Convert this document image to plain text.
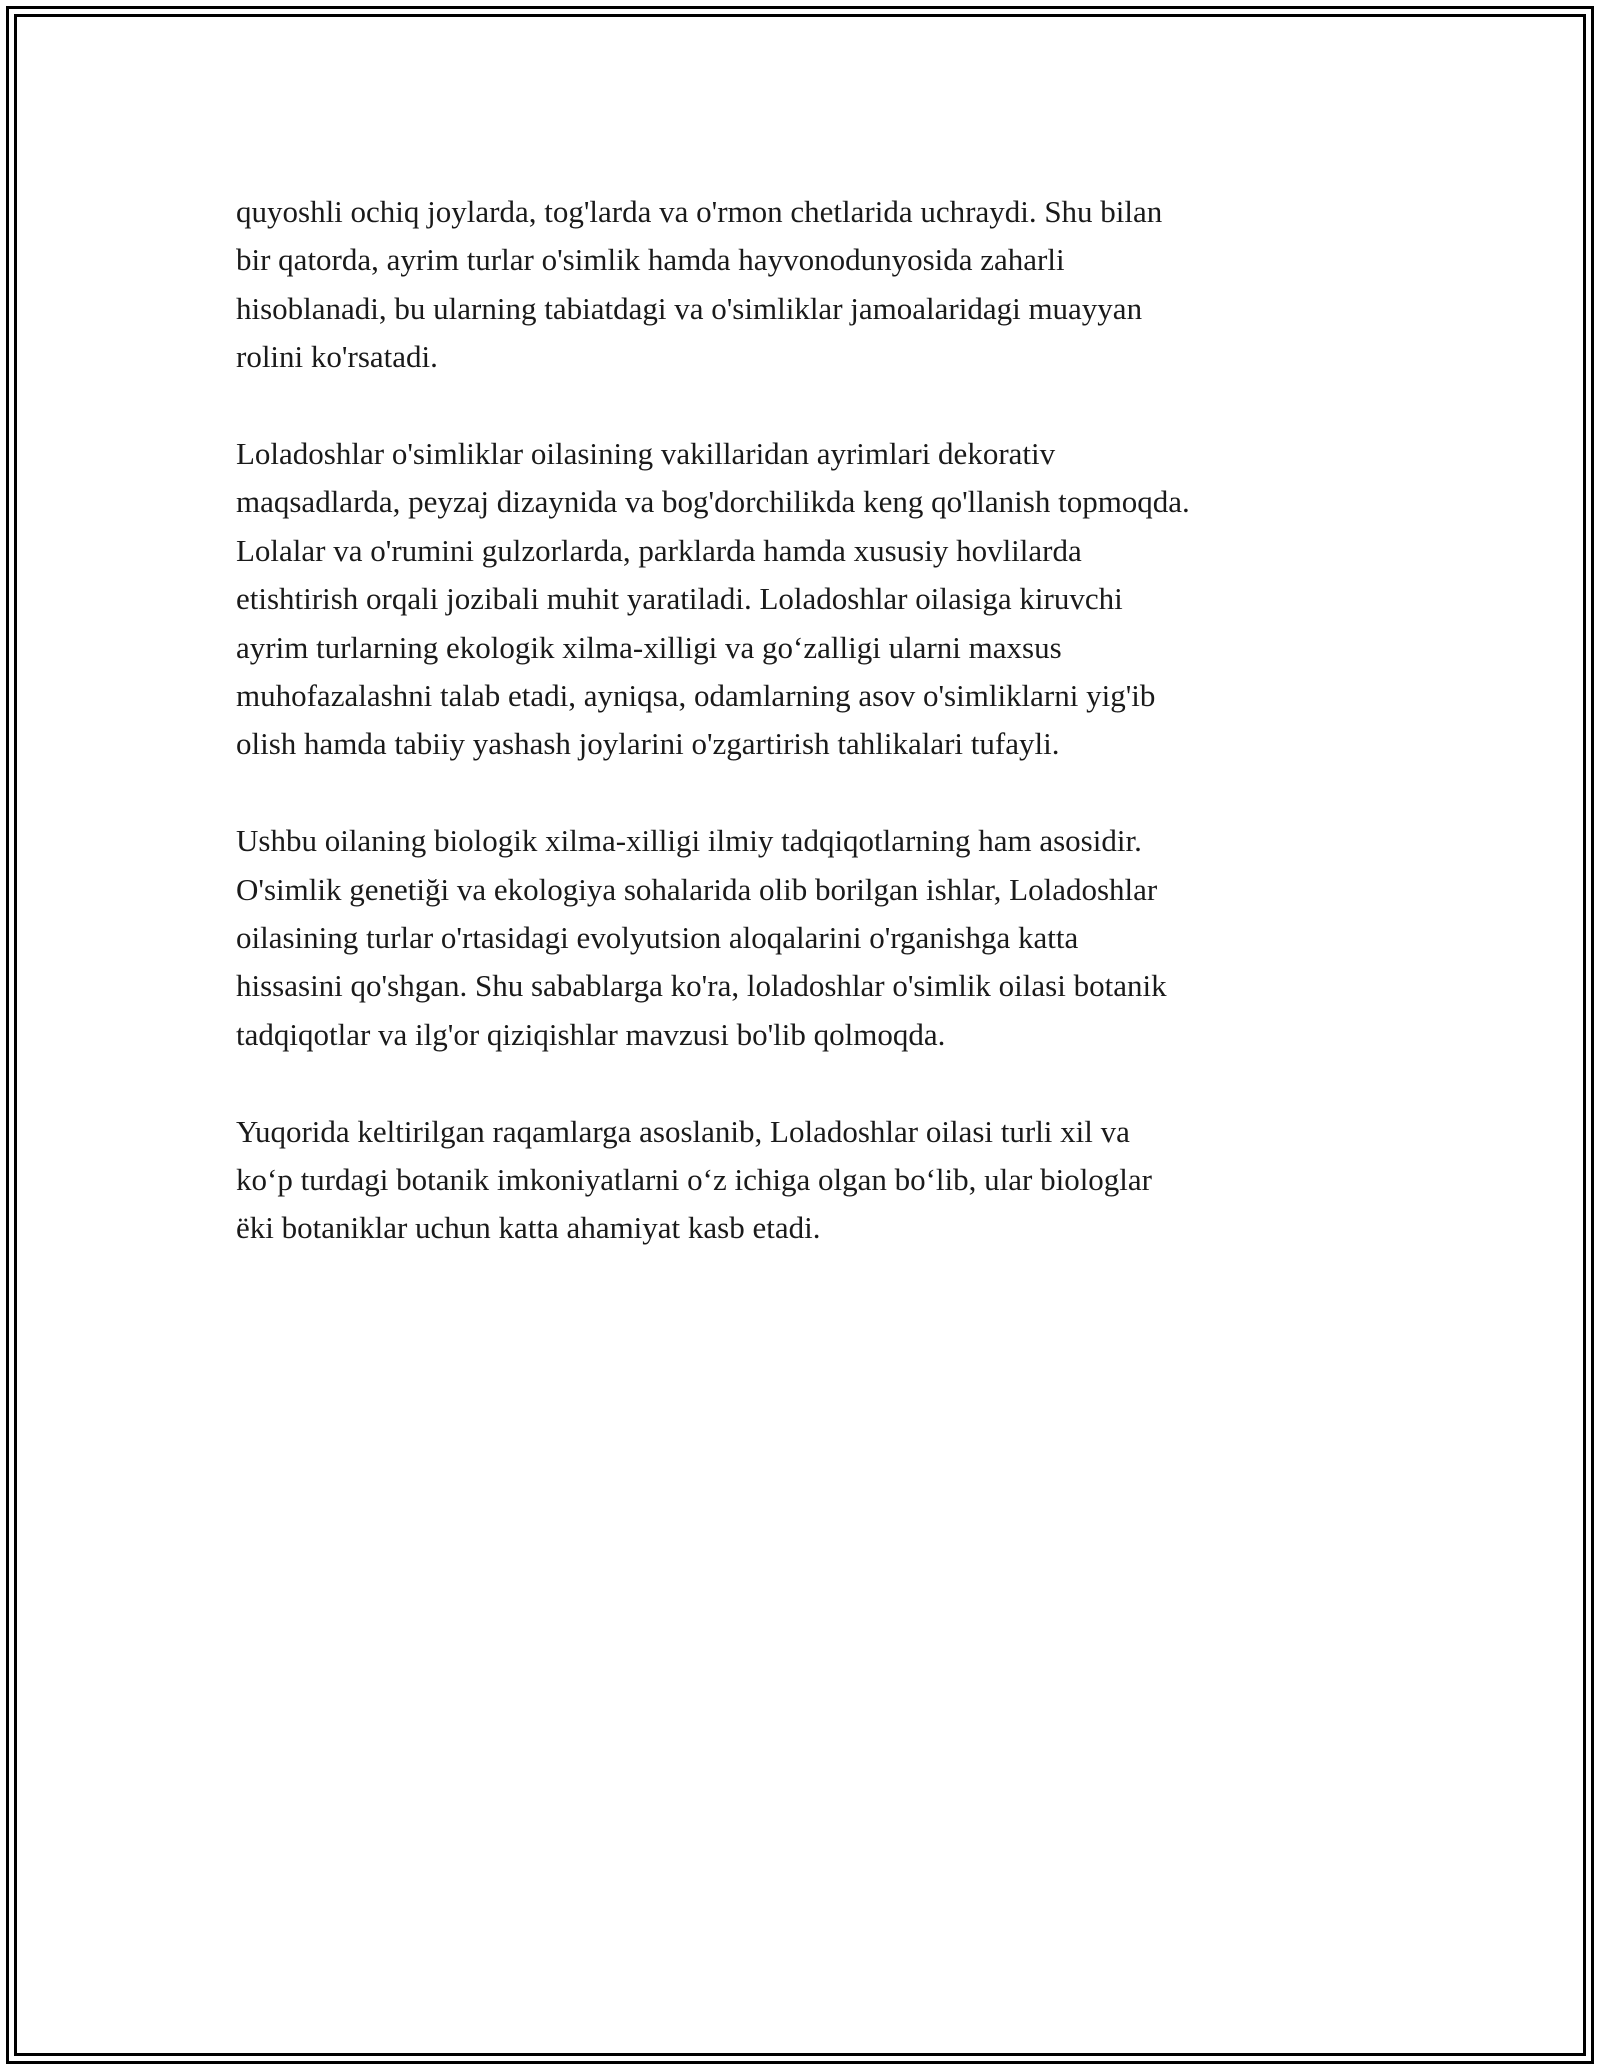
quyoshli ochiq joylarda, tog'larda va o'rmon chetlarida uchraydi. Shu bilan
bir qatorda, ayrim turlar o'simlik hamda hayvonodunyosida zaharli
hisoblanadi, bu ularning tabiatdagi va o'simliklar jamoalaridagi muayyan
rolini ko'rsatadi.

Loladoshlar o'simliklar oilasining vakillaridan ayrimlari dekorativ
maqsadlarda, peyzaj dizaynida va bog'dorchilikda keng qo'llanish topmoqda.
Lolalar va o'rumini gulzorlarda, parklarda hamda xususiy hovlilarda
etishtirish orqali jozibali muhit yaratiladi. Loladoshlar oilasiga kiruvchi
ayrim turlarning ekologik xilma-xilligi va go‘zalligi ularni maxsus
muhofazalashni talab etadi, ayniqsa, odamlarning asov o'simliklarni yig'ib
olish hamda tabiiy yashash joylarini o'zgartirish tahlikalari tufayli.

Ushbu oilaning biologik xilma-xilligi ilmiy tadqiqotlarning ham asosidir.
O'simlik genetiği va ekologiya sohalarida olib borilgan ishlar, Loladoshlar
oilasining turlar o'rtasidagi evolyutsion aloqalarini o'rganishga katta
hissasini qo'shgan. Shu sabablarga ko'ra, loladoshlar o'simlik oilasi botanik
tadqiqotlar va ilg'or qiziqishlar mavzusi bo'lib qolmoqda.

Yuqorida keltirilgan raqamlarga asoslanib, Loladoshlar oilasi turli xil va
ko‘p turdagi botanik imkoniyatlarni o‘z ichiga olgan bo‘lib, ular biologlar
ëki botaniklar uchun katta ahamiyat kasb etadi.
